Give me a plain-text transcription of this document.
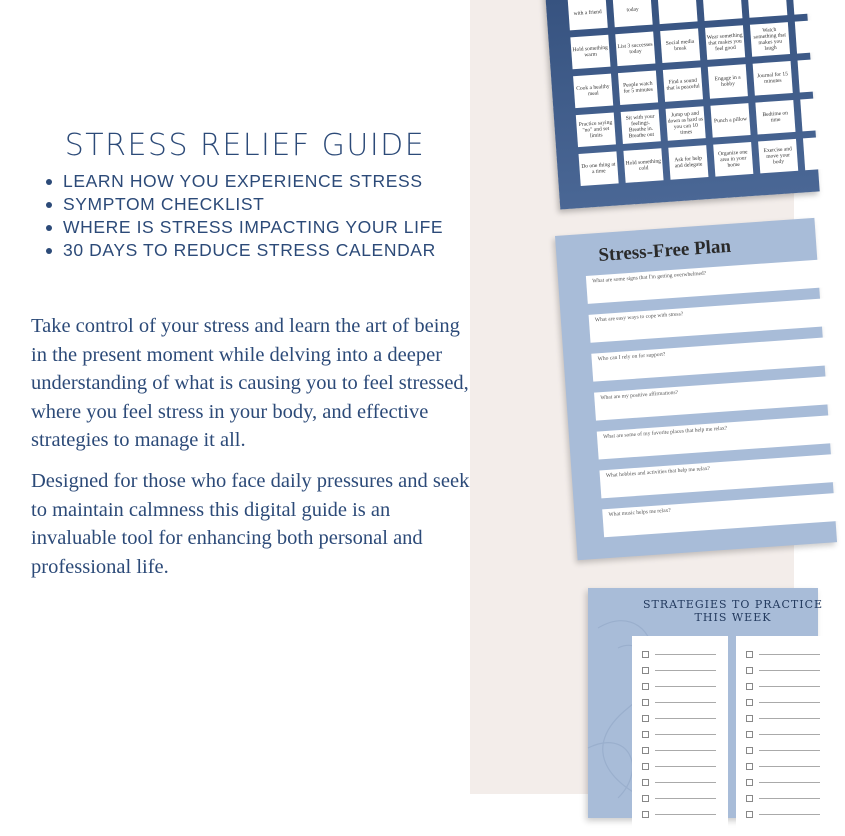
STRESS RELIEF GUIDE
LEARN HOW YOU EXPERIENCE STRESS
SYMPTOM CHECKLIST
WHERE IS STRESS IMPACTING YOUR LIFE
30 DAYS TO REDUCE STRESS CALENDAR

Take control of your stress and learn the art of being in the present moment while delving into a deeper understanding of what is causing you to feel stressed, where you feel stress in your body, and effective strategies to manage it all.

Designed for those who face daily pressures and seek to maintain calmness this digital guide is an invaluable tool for enhancing both personal and professional life.

with a friend	today
Hold something warm
List 3 successes today
Social media break
Wear something that makes you feel good
Watch something that makes you laugh
Cook a healthy meal
People watch for 5 minutes
Find a sound that is peaceful
Engage in a hobby
Journal for 15 minutes
Practice saying "no" and set limits
Sit with your feelings. Breathe in. Breathe out
Jump up and down as hard as you can 10 times
Punch a pillow
Bedtime on time
Do one thing at a time
Hold something cold
Ask for help and delegate
Organize one area in your home
Exercise and move your body
Stress-Free Plan
What are some signs that I'm getting overwhelmed?
What are easy ways to cope with stress?
Who can I rely on for support?
What are my positive affirmations?
What are some of my favorite places that help me relax?
What hobbies and activities that help me relax?
What music helps me relax?

STRATEGIES TO PRACTICE
THIS WEEK
